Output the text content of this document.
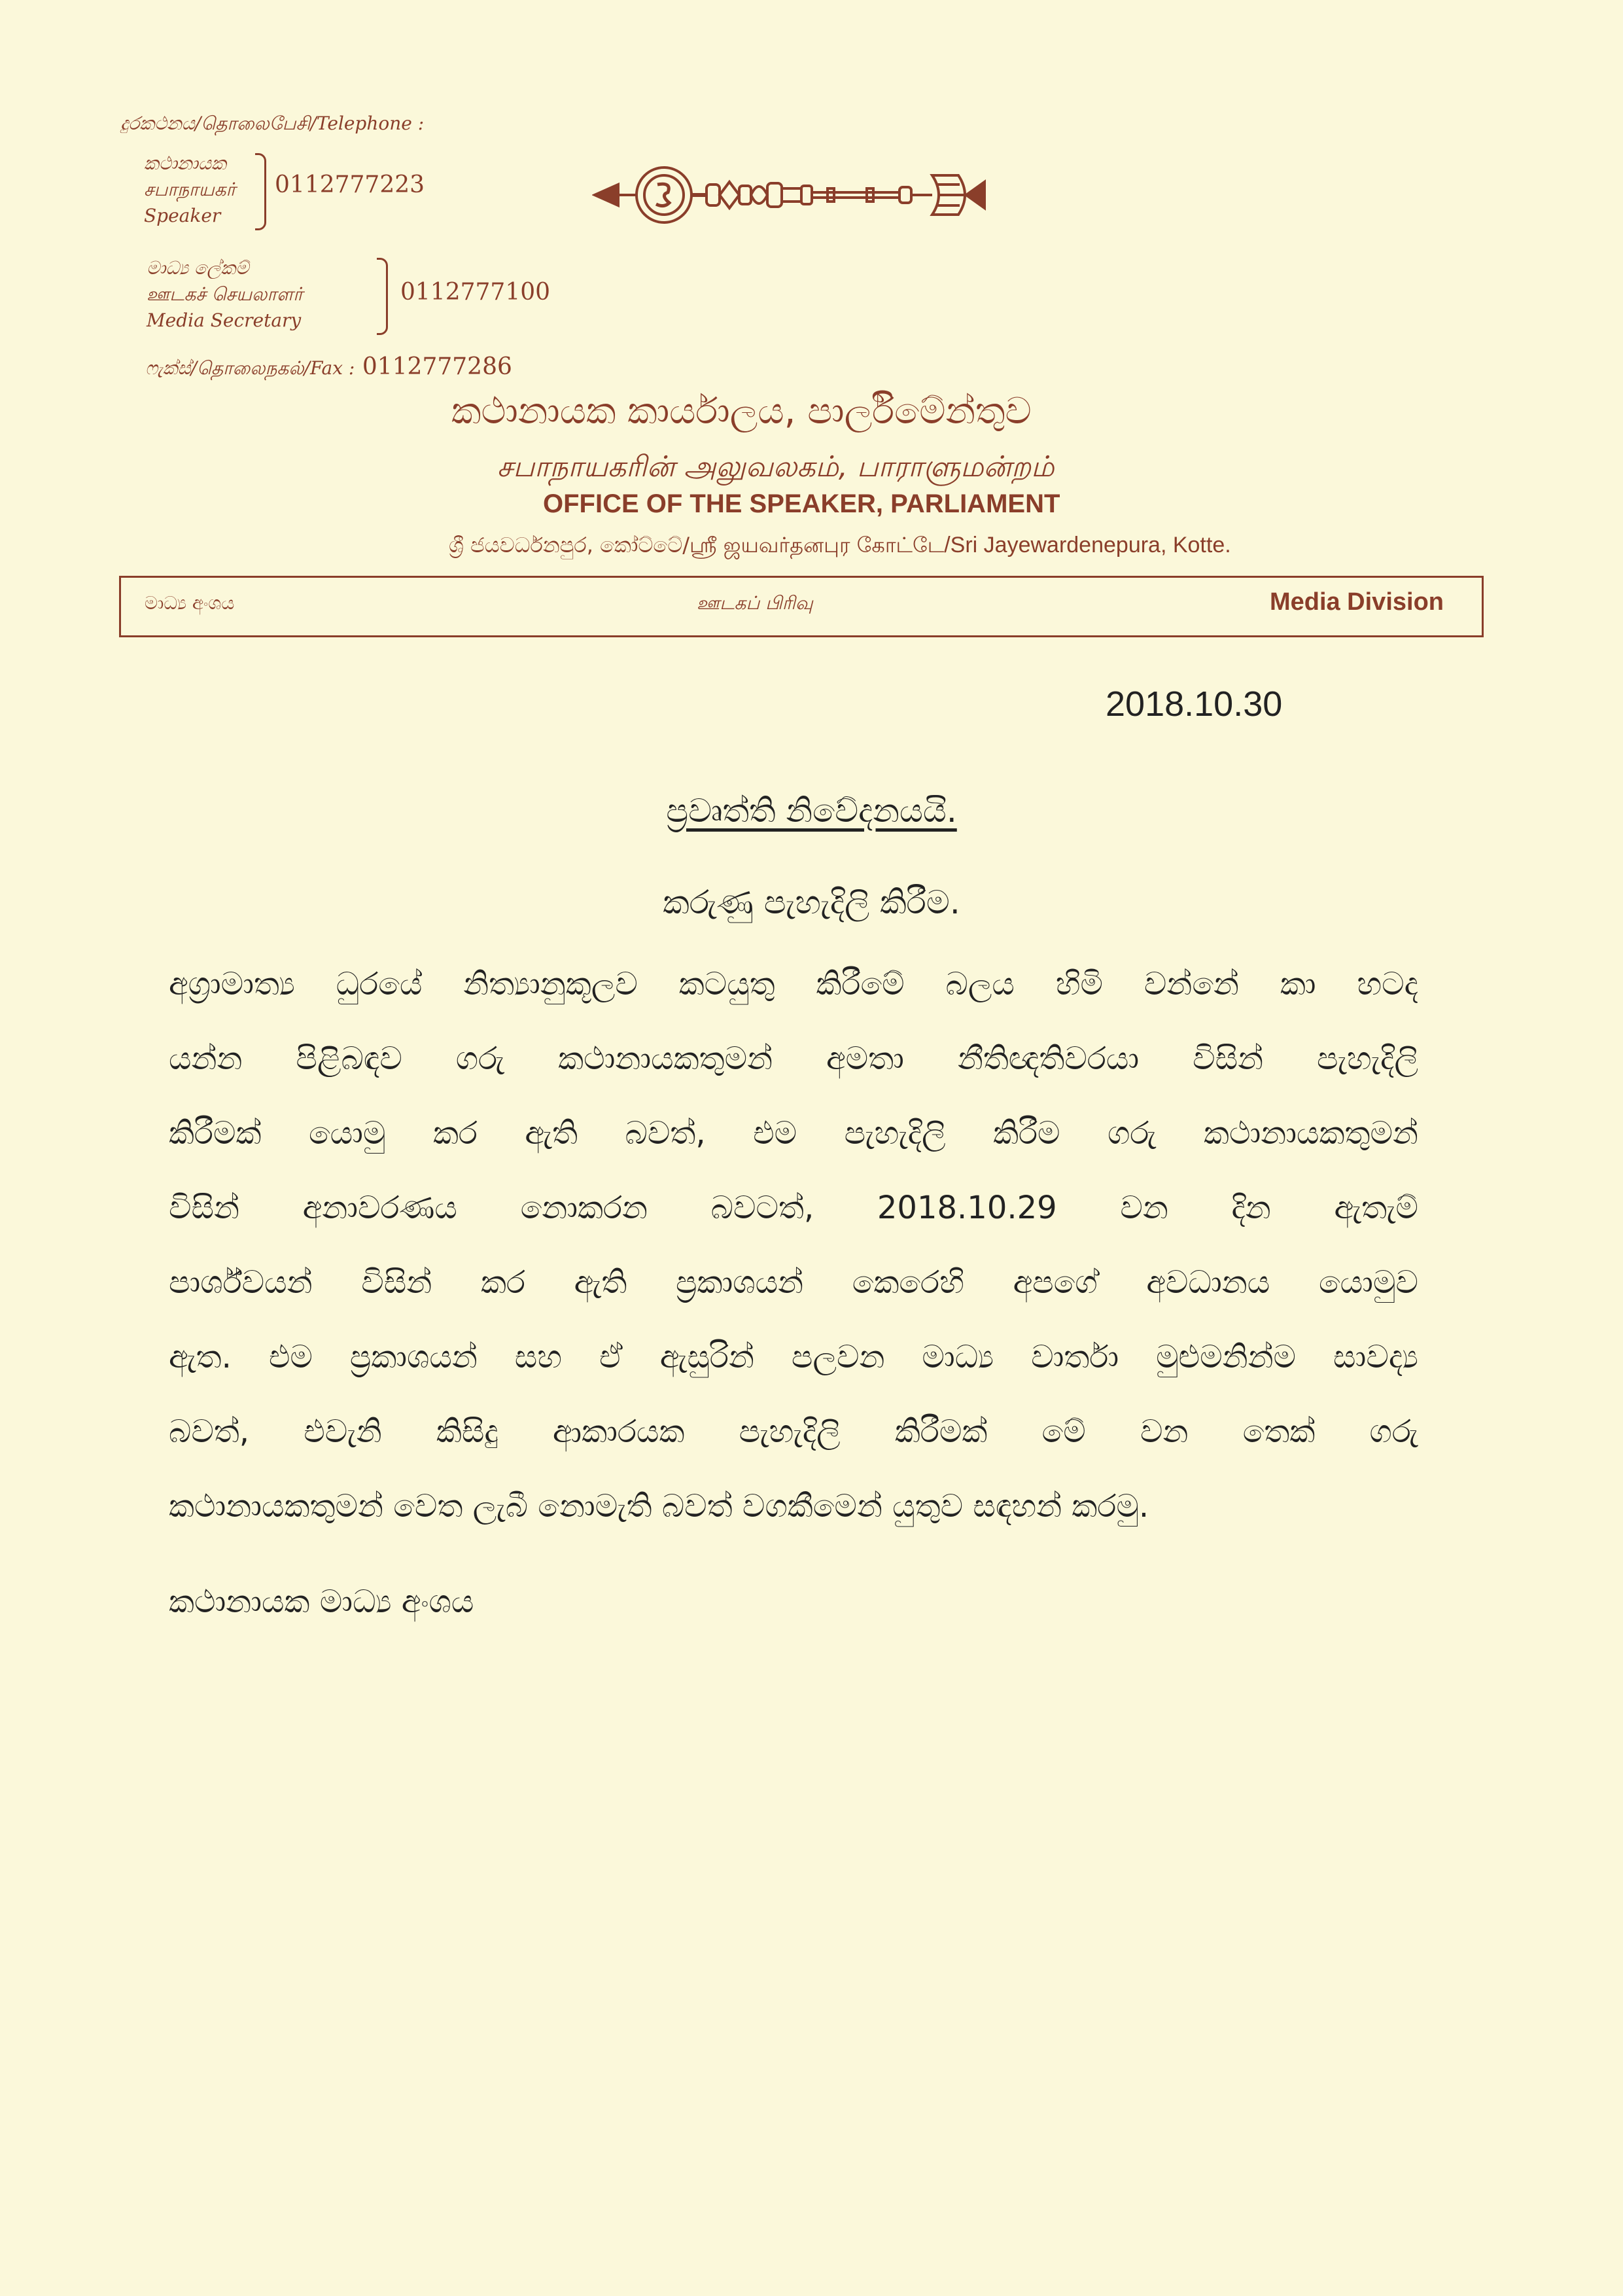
දුරකථනය/தொலைபேசி/Telephone :
කථානායක
சபாநாயகர்
Speaker
0112777223
මාධ්‍ය ලේකම්
ஊடகச் செயலாளர்
Media Secretary
0112777100
ෆැක්ස්/தொலைநகல்/Fax : 0112777286
කථානායක කාර්යාලය, පාර්ලිමේන්තුව
சபாநாயகரின் அலுவலகம், பாராளுமன்றம்
OFFICE OF THE SPEAKER, PARLIAMENT
ශ්‍රී ජයවර්ධනපුර, කෝට්ටේ/ஸ்ரீ ஜயவர்தனபுர கோட்டே/Sri Jayewardenepura, Kotte.
මාධ්‍ය අංශය	ஊடகப் பிரிவு	Media Division
2018.10.30
ප්‍රවෘත්ති නිවේදනයයි.
කරුණු පැහැදිලි කිරීම.
අග්‍රාමාත්‍ය ධුරයේ නිත්‍යානුකූලව කටයුතු කිරීමේ බලය හිමි වන්නේ කා හටද
යන්න පිළිබඳව ගරු කථානායකතුමන් අමතා නීතිඥතිවරයා විසින් පැහැදිලි
කිරීමක් යොමු කර ඇති බවත්, එම පැහැදිලි කිරීම ගරු කථානායකතුමන්
විසින් අනාවරණය නොකරන බවටත්, 2018.10.29 වන දින ඇතැම්
පාර්ශ්වයන් විසින් කර ඇති ප්‍රකාශයන් කෙරෙහි අපගේ අවධානය යොමුව
ඇත. එම ප්‍රකාශයන් සහ ඒ ඇසුරින් පලවන මාධ්‍ය වාර්තා මුළුමනින්ම සාවද්‍ය
බවත්, එවැනි කිසිදු ආකාරයක පැහැදිලි කිරීමක් මේ වන තෙක් ගරු
කථානායකතුමන් වෙත ලැබී නොමැති බවත් වගකීමෙන් යුතුව සඳහන් කරමු.
කථානායක මාධ්‍ය අංශය
